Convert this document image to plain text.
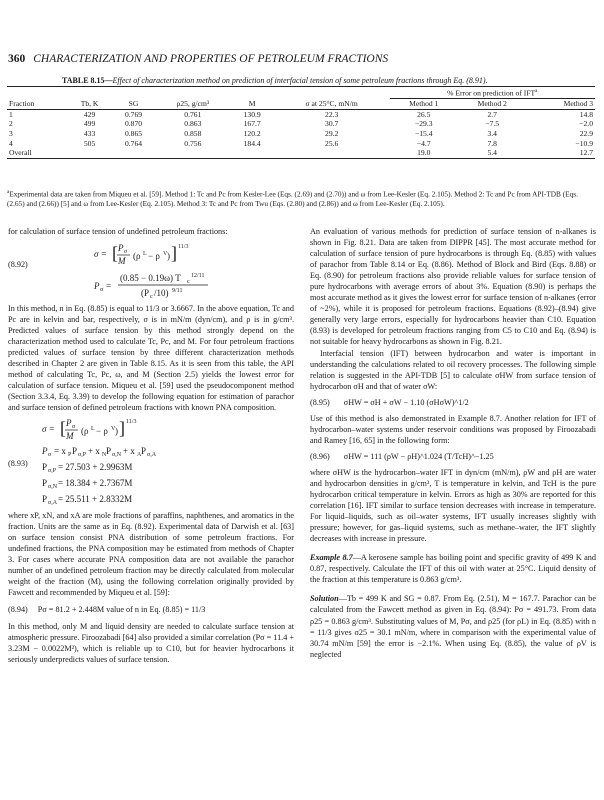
360 CHARACTERIZATION AND PROPERTIES OF PETROLEUM FRACTIONS
TABLE 8.15—Effect of characterization method on prediction of interfacial tension of some petroleum fractions through Eq. (8.91).
						% Error on prediction of IFT$^a$
Fraction	Tb, K	SG	ρ25, g/cm³	M	σ at 25°C, mN/m	Method 1	Method 2	Method 3
1	429	0.769	0.761	130.9	22.3	26.5	2.7	14.8
2	499	0.870	0.863	167.7	30.7	−29.3	−7.5	−2.0
3	433	0.865	0.858	120.2	29.2	−15.4	3.4	22.9
4	505	0.764	0.756	184.4	25.6	−4.7	7.8	−10.9
Overall						19.0	5.4	12.7
$^a$Experimental data are taken from Miqueu et al. [59]. Method 1: Tc and Pc from Kesler-Lee (Eqs. (2.69) and (2.70)) and ω from Lee-Kesler (Eq. 2.105). Method 2: Tc and Pc from API-TDB (Eqs. (2.65) and (2.66)) [5] and ω from Lee-Kesler (Eq. 2.105). Method 3: Tc and Pc from Twu (Eqs. (2.80) and (2.86)) and ω from Lee-Kesler (Eq. 2.105).

for calculation of surface tension of undefined petroleum fractions:

(8.92)
σ = [ P σ
M (ρ L − ρ V ) ] 11/3
P σ =
(0.85 − 0.19ω) T c
12/11
(P c /10) 9/11

In this method, n in Eq. (8.85) is equal to 11/3 or 3.6667. In the above equation, Tc and Pc are in kelvin and bar, respectively, σ is in mN/m (dyn/cm), and ρ is in g/cm³. Predicted values of surface tension by this method strongly depend on the characterization method used to calculate Tc, Pc, and M. For four petroleum fractions predicted values of surface tension by three different characterization methods described in Chapter 2 are given in Table 8.15. As it is seen from this table, the API method of calculating Tc, Pc, ω, and M (Section 2.5) yields the lowest error for calculation of surface tension. Miqueu et al. [59] used the pseudocomponent method (Section 3.3.4, Eq. 3.39) to develop the following equation for estimation of parachor and surface tension of defined petroleum fractions with known PNA composition.

(8.93)
σ = [ P σ
M (ρ L − ρ V ) ] 11/3
P σ = x P P σ,P + x N P σ,N + x A P σ,A
P σ,P = 27.503 + 2.9963M
P σ,N = 18.384 + 2.7367M
P σ,A = 25.511 + 2.8332M

where xP, xN, and xA are mole fractions of paraffins, naphthenes, and aromatics in the fraction. Units are the same as in Eq. (8.92). Experimental data of Darwish et al. [63] on surface tension consist PNA distribution of some petroleum fractions. For undefined fractions, the PNA composition may be estimated from methods of Chapter 3. For cases where accurate PNA composition data are not available the parachor number of an undefined petroleum fraction may be directly calculated from molecular weight of the fraction (M), using the following correlation originally provided by Fawcett and recommended by Miqueu et al. [59]:

(8.94) Pσ = 81.2 + 2.448M value of n in Eq. (8.85) = 11/3

In this method, only M and liquid density are needed to calculate surface tension at atmospheric pressure. Firoozabadi [64] also provided a similar correlation (Pσ = 11.4 + 3.23M − 0.0022M²), which is reliable up to C10, but for heavier hydrocarbons it seriously underpredicts values of surface tension.

An evaluation of various methods for prediction of surface tension of n-alkanes is shown in Fig. 8.21. Data are taken from DIPPR [45]. The most accurate method for calculation of surface tension of pure hydrocarbons is through Eq. (8.85) with values of parachor from Table 8.14 or Eq. (8.86). Method of Block and Bird (Eqs. 8.88) or Eq. (8.90) for petroleum fractions also provide reliable values for surface tension of pure hydrocarbons with average errors of about 3%. Equation (8.90) is perhaps the most accurate method as it gives the lowest error for surface tension of n-alkanes (error of ~2%), while it is proposed for petroleum fractions. Equations (8.92)–(8.94) give generally very large errors, especially for hydrocarbons heavier than C10. Equation (8.93) is developed for petroleum fractions ranging from C5 to C10 and Eq. (8.94) is not suitable for heavy hydrocarbons as shown in Fig. 8.21.

Interfacial tension (IFT) between hydrocarbon and water is important in understanding the calculations related to oil recovery processes. The following simple relation is suggested in the API-TDB [5] to calculate σHW from surface tension of hydrocarbon σH and that of water σW:

(8.95) σHW = σH + σW − 1.10 (σHσW)^1/2

Use of this method is also demonstrated in Example 8.7. Another relation for IFT of hydrocarbon–water systems under reservoir conditions was proposed by Firoozabadi and Ramey [16, 65] in the following form:

(8.96) σHW = 111 (ρW − ρH)^1.024 (T/TcH)^−1.25

where σHW is the hydrocarbon–water IFT in dyn/cm (mN/m), ρW and ρH are water and hydrocarbon densities in g/cm³, T is temperature in kelvin, and TcH is the pure hydrocarbon critical temperature in kelvin. Errors as high as 30% are reported for this correlation [16]. IFT similar to surface tension decreases with increase in temperature. For liquid–liquids, such as oil–water systems, IFT usually increases slightly with pressure; however, for gas–liquid systems, such as methane–water, the IFT slightly decreases with increase in pressure.

Example 8.7—A kerosene sample has boiling point and specific gravity of 499 K and 0.87, respectively. Calculate the IFT of this oil with water at 25°C. Liquid density of the fraction at this temperature is 0.863 g/cm³.

Solution—Tb = 499 K and SG = 0.87. From Eq. (2.51), M = 167.7. Parachor can be calculated from the Fawcett method as given in Eq. (8.94): Pσ = 491.73. From data ρ25 = 0.863 g/cm³. Substituting values of M, Pσ, and ρ25 (for ρL) in Eq. (8.85) with n = 11/3 gives σ25 = 30.1 mN/m, where in comparison with the experimental value of 30.74 mN/m [59] the error is −2.1%. When using Eq. (8.85), the value of ρV is neglected
